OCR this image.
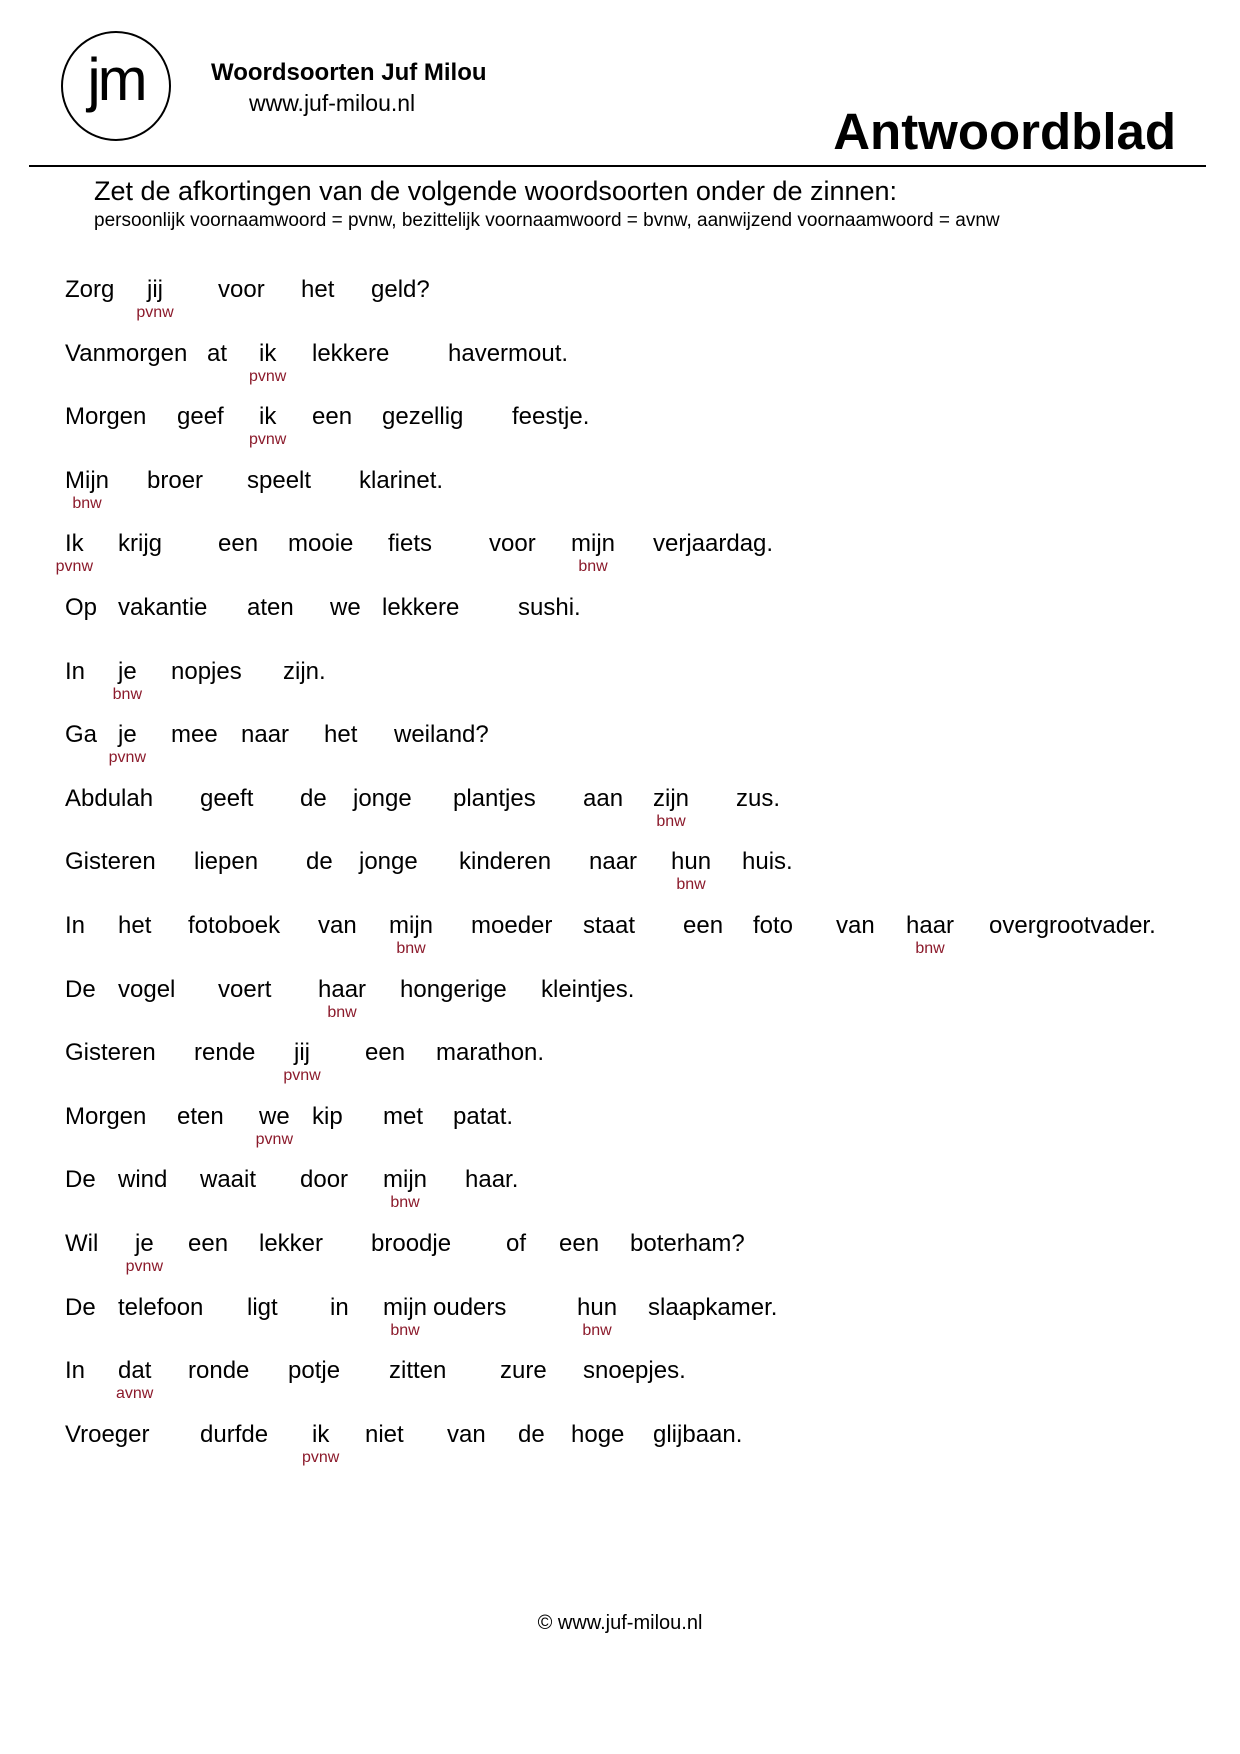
jm	Woordsoorten Juf Milou
www.juf-milou.nl	Antwoordblad
Zet de afkortingen van de volgende woordsoorten onder de zinnen:
persoonlijk voornaamwoord = pvnw, bezittelijk voornaamwoord = bvnw, aanwijzend voornaamwoord = avnw
Zorg jij voor het geld?
pvnw
Vanmorgen at ik lekkere havermout.
pvnw
Morgen geef ik een gezellig feestje.
pvnw
Mijn broer speelt klarinet.
bnw
Ik krijg een mooie fiets voor mijn verjaardag.
pvnw	bnw
Op vakantie aten we lekkere sushi.
In je nopjes zijn.
bnw
Ga je mee naar het weiland?
pvnw
Abdulah geeft de jonge plantjes aan zijn zus.
bnw
Gisteren liepen de jonge kinderen naar hun huis.
bnw
In het fotoboek van mijn moeder staat een foto van haar overgrootvader.
bnw	bnw
De vogel voert haar hongerige kleintjes.
bnw
Gisteren rende jij een marathon.
pvnw
Morgen eten we kip met patat.
pvnw
De wind waait door mijn haar.
bnw
Wil je een lekker broodje of een boterham?
pvnw
De telefoon ligt in mijn ouders	hun slaapkamer.
bnw	bnw
In dat ronde potje zitten zure snoepjes.
avnw
Vroeger durfde ik niet van de hoge glijbaan.
pvnw
© www.juf-milou.nl
